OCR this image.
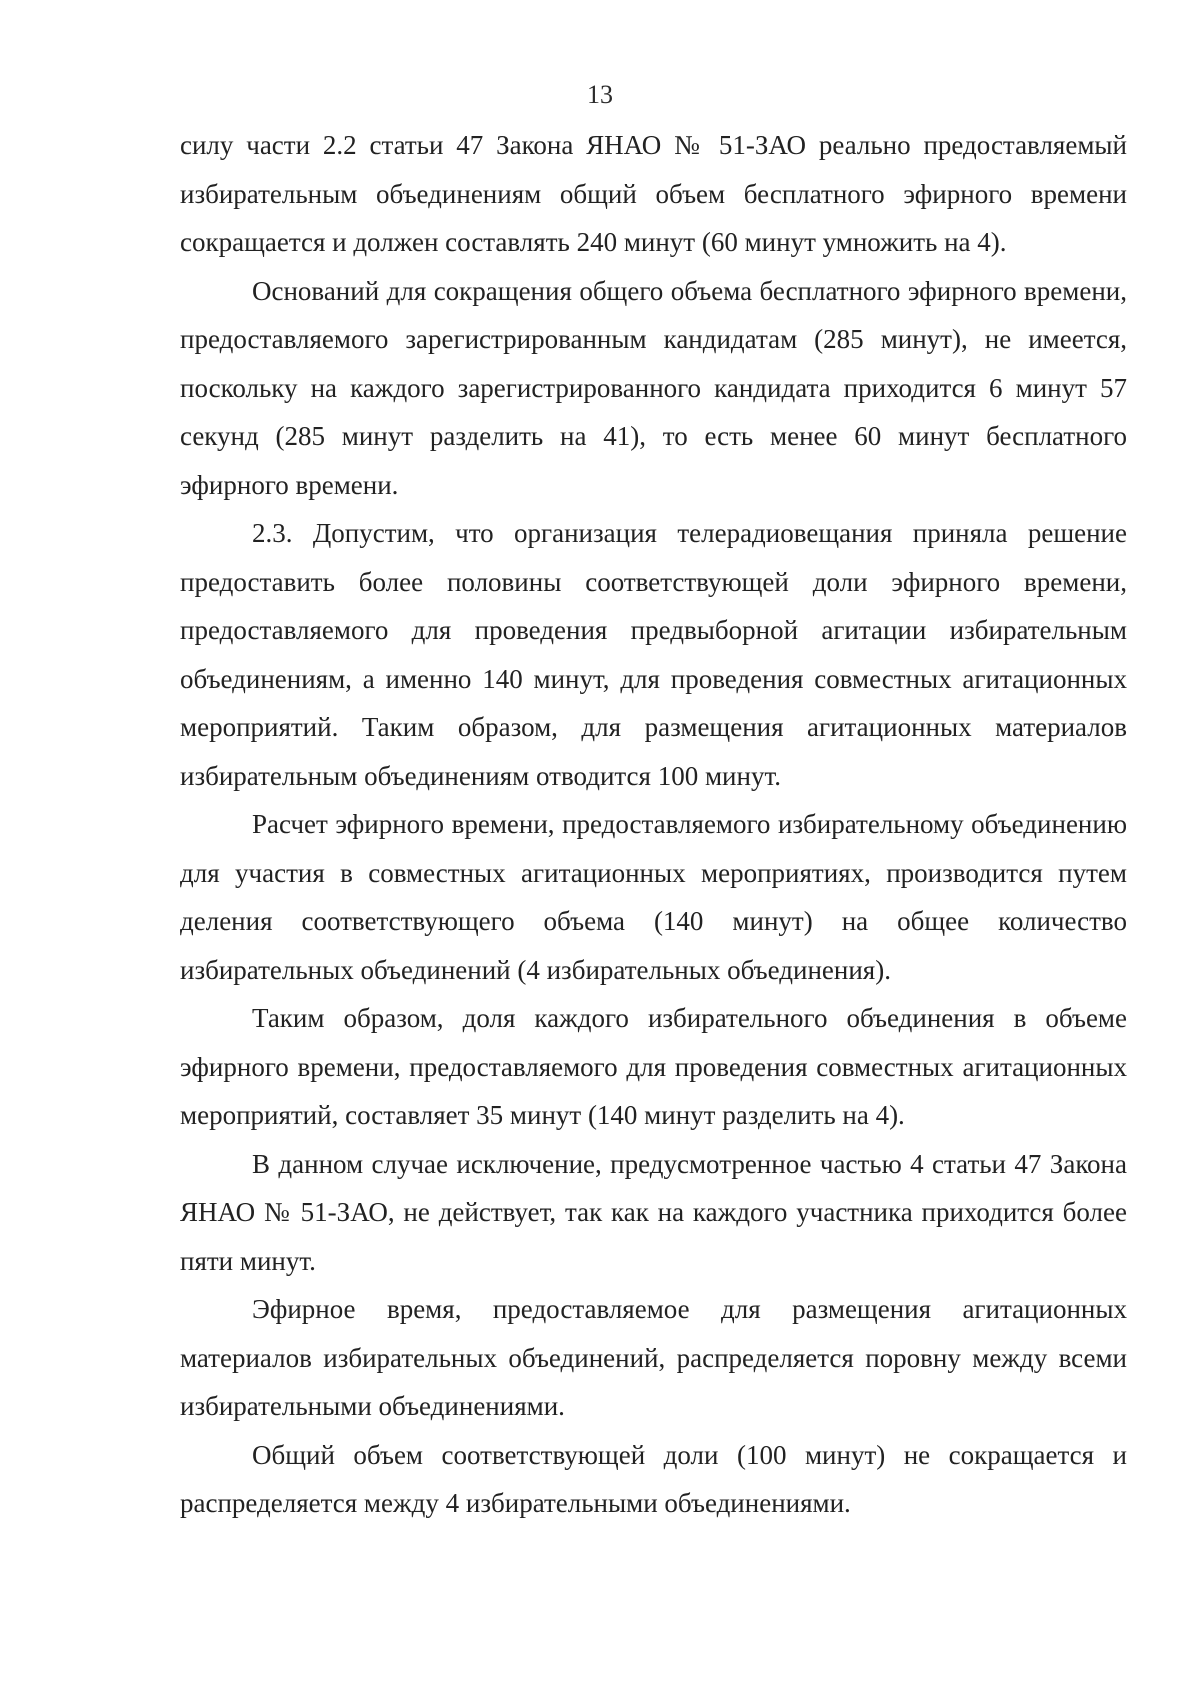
13

силу части 2.2 статьи 47 Закона ЯНАО № 51-ЗАО реально предоставляемый избирательным объединениям общий объем бесплатного эфирного времени сокращается и должен составлять 240 минут (60 минут умножить на 4).

Оснований для сокращения общего объема бесплатного эфирного времени, предоставляемого зарегистрированным кандидатам (285 минут), не имеется, поскольку на каждого зарегистрированного кандидата приходится 6 минут 57 секунд (285 минут разделить на 41), то есть менее 60 минут бесплатного эфирного времени.

2.3. Допустим, что организация телерадиовещания приняла решение предоставить более половины соответствующей доли эфирного времени, предоставляемого для проведения предвыборной агитации избирательным объединениям, а именно 140 минут, для проведения совместных агитационных мероприятий. Таким образом, для размещения агитационных материалов избирательным объединениям отводится 100 минут.

Расчет эфирного времени, предоставляемого избирательному объединению для участия в совместных агитационных мероприятиях, производится путем деления соответствующего объема (140 минут) на общее количество избирательных объединений (4 избирательных объединения).

Таким образом, доля каждого избирательного объединения в объеме эфирного времени, предоставляемого для проведения совместных агитационных мероприятий, составляет 35 минут (140 минут разделить на 4).

В данном случае исключение, предусмотренное частью 4 статьи 47 Закона ЯНАО № 51-ЗАО, не действует, так как на каждого участника приходится более пяти минут.

Эфирное время, предоставляемое для размещения агитационных материалов избирательных объединений, распределяется поровну между всеми избирательными объединениями.

Общий объем соответствующей доли (100 минут) не сокращается и распределяется между 4 избирательными объединениями.
